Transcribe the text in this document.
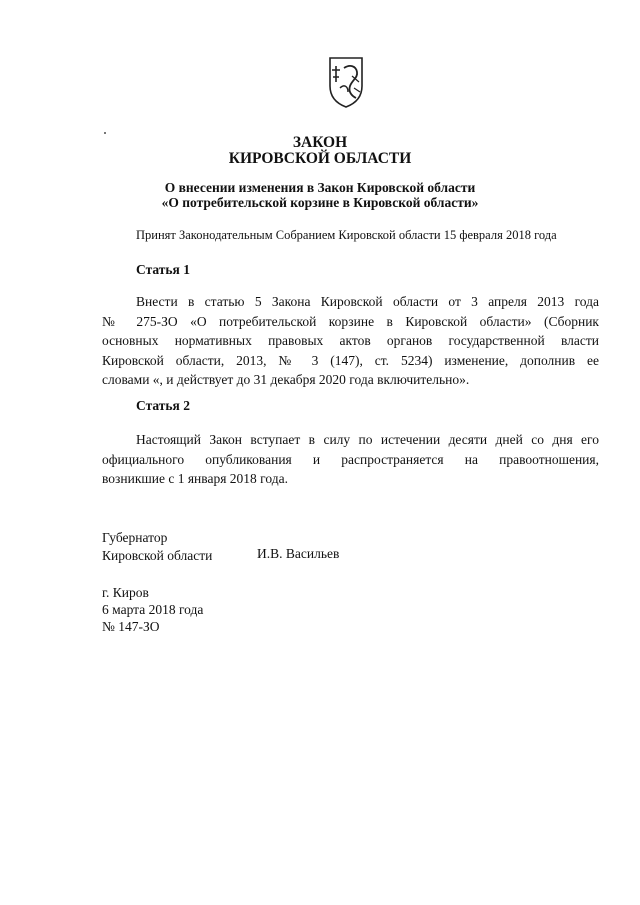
ЗАКОН
КИРОВСКОЙ ОБЛАСТИ
О внесении изменения в Закон Кировской области
«О потребительской корзине в Кировской области»
Принят Законодательным Собранием Кировской области 15 февраля 2018 года
Статья 1
Внести в статью 5 Закона Кировской области от 3 апреля 2013 года
№ 275-ЗО «О потребительской корзине в Кировской области» (Сборник
основных нормативных правовых актов органов государственной власти
Кировской области, 2013, № 3 (147), ст. 5234) изменение, дополнив ее
словами «, и действует до 31 декабря 2020 года включительно».
Статья 2
Настоящий Закон вступает в силу по истечении десяти дней со дня его
официального опубликования и распространяется на правоотношения,
возникшие с 1 января 2018 года.
Губернатор
Кировской области	И.В. Васильев
г. Киров
6 марта 2018 года
№ 147-ЗО
